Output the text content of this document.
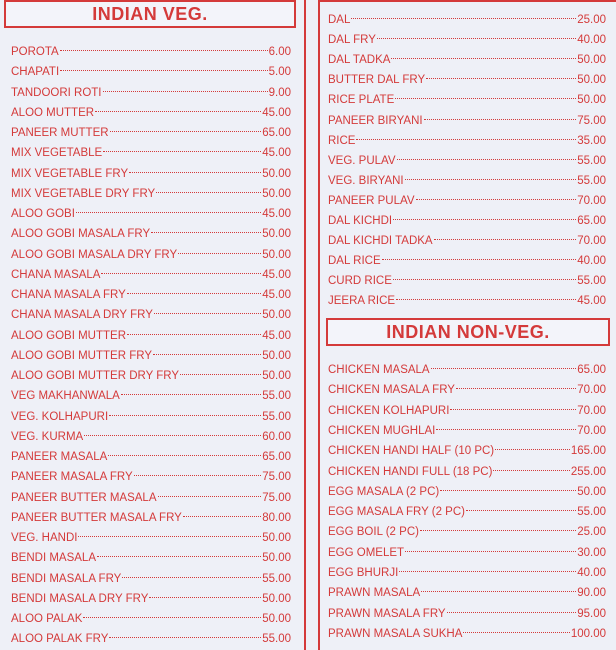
INDIAN VEG.
POROTA	6.00
CHAPATI	5.00
TANDOORI ROTI	9.00
ALOO MUTTER	45.00
PANEER MUTTER	65.00
MIX VEGETABLE	45.00
MIX VEGETABLE FRY	50.00
MIX VEGETABLE DRY FRY	50.00
ALOO GOBI	45.00
ALOO GOBI MASALA FRY	50.00
ALOO GOBI MASALA DRY FRY	50.00
CHANA MASALA	45.00
CHANA MASALA FRY	45.00
CHANA MASALA DRY FRY	50.00
ALOO GOBI MUTTER	45.00
ALOO GOBI MUTTER FRY	50.00
ALOO GOBI MUTTER DRY FRY	50.00
VEG MAKHANWALA	55.00
VEG. KOLHAPURI	55.00
VEG. KURMA	60.00
PANEER MASALA	65.00
PANEER MASALA FRY	75.00
PANEER BUTTER MASALA	75.00
PANEER BUTTER MASALA FRY	80.00
VEG. HANDI	50.00
BENDI MASALA	50.00
BENDI MASALA FRY	55.00
BENDI MASALA DRY FRY	50.00
ALOO PALAK	50.00
ALOO PALAK FRY	55.00
DAL	25.00
DAL FRY	40.00
DAL TADKA	50.00
BUTTER DAL FRY	50.00
RICE PLATE	50.00
PANEER BIRYANI	75.00
RICE	35.00
VEG. PULAV	55.00
VEG. BIRYANI	55.00
PANEER PULAV	70.00
DAL KICHDI	65.00
DAL KICHDI TADKA	70.00
DAL RICE	40.00
CURD RICE	55.00
JEERA RICE	45.00
INDIAN NON-VEG.
CHICKEN MASALA	65.00
CHICKEN MASALA FRY	70.00
CHICKEN KOLHAPURI	70.00
CHICKEN MUGHLAI	70.00
CHICKEN HANDI HALF (10 PC)	165.00
CHICKEN HANDI FULL (18 PC)	255.00
EGG MASALA (2 PC)	50.00
EGG MASALA FRY (2 PC)	55.00
EGG BOIL (2 PC)	25.00
EGG OMELET	30.00
EGG BHURJI	40.00
PRAWN MASALA	90.00
PRAWN MASALA FRY	95.00
PRAWN MASALA SUKHA	100.00
